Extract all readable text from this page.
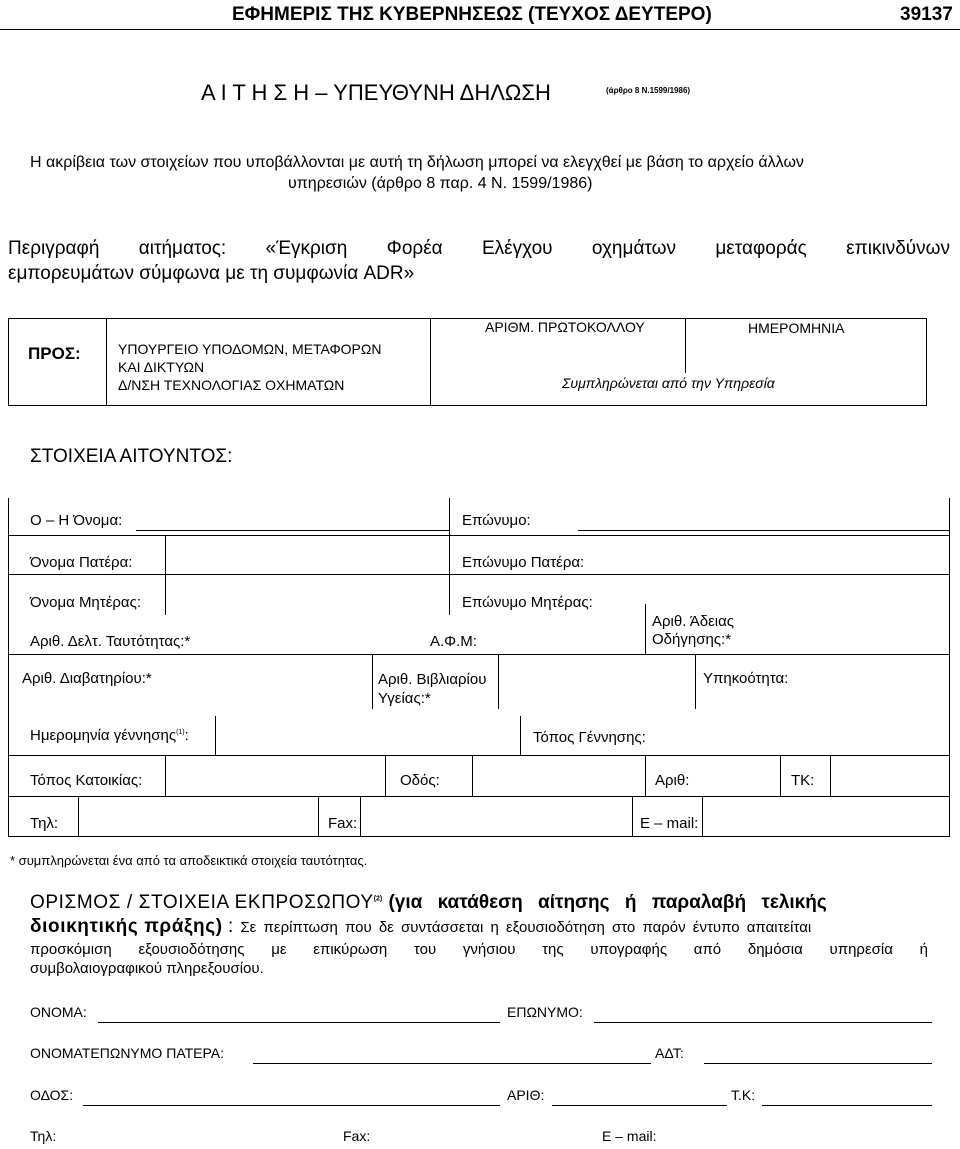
ΕΦΗΜΕΡΙΣ ΤΗΣ ΚΥΒΕΡΝΗΣΕΩΣ (ΤΕΥΧΟΣ ΔΕΥΤΕΡΟ)	39137
Α Ι Τ Η Σ Η – ΥΠΕΥΘΥΝΗ ΔΗΛΩΣΗ	(άρθρο 8 Ν.1599/1986)
Η ακρίβεια των στοιχείων που υποβάλλονται με αυτή τη δήλωση μπορεί να ελεγχθεί με βάση το αρχείο άλλων
υπηρεσιών (άρθρο 8 παρ. 4 Ν. 1599/1986)
Περιγραφή αιτήματος: «Έγκριση Φορέα Ελέγχου οχημάτων μεταφοράς επικινδύνων
εμπορευμάτων σύμφωνα με τη συμφωνία ADR»
ΠΡΟΣ:	ΥΠΟΥΡΓΕΙΟ ΥΠΟΔΟΜΩΝ, ΜΕΤΑΦΟΡΩΝ
ΚΑΙ ΔΙΚΤΥΩΝ
Δ/ΝΣΗ ΤΕΧΝΟΛΟΓΙΑΣ ΟΧΗΜΑΤΩΝ
ΑΡΙΘΜ. ΠΡΩΤΟΚΟΛΛΟΥ	ΗΜΕΡΟΜΗΝΙΑ
Συμπληρώνεται από την Υπηρεσία
ΣΤΟΙΧΕΙΑ ΑΙΤΟΥΝΤΟΣ:
Ο – Η Όνομα:	Επώνυμο:
Όνομα Πατέρα:	Επώνυμο Πατέρα:
Όνομα Μητέρας:	Επώνυμο Μητέρας:
Αριθ. Δελτ. Ταυτότητας:*	Α.Φ.Μ:
Αριθ. Άδειας
Οδήγησης:*
Αριθ. Διαβατηρίου:*	Αριθ. Βιβλιαρίου
Υγείας:*
Υπηκοότητα:
Ημερομηνία γέννησης$^{(1)}$:	Τόπος Γέννησης:
Τόπος Κατοικίας:	Οδός:	Αριθ:	ΤΚ:
Τηλ:	Fax:	Ε – mail:
* συμπληρώνεται ένα από τα αποδεικτικά στοιχεία ταυτότητας.
ΟΡΙΣΜΟΣ / ΣΤΟΙΧΕΙΑ ΕΚΠΡΟΣΩΠΟΥ$^{(2)}$ (για κατάθεση αίτησης ή παραλαβή τελικής
διοικητικής πράξης) : Σε περίπτωση που δε συντάσσεται η εξουσιοδότηση στο παρόν έντυπο απαιτείται
προσκόμιση εξουσιοδότησης με επικύρωση του γνήσιου της υπογραφής από δημόσια υπηρεσία ή
συμβολαιογραφικού πληρεξουσίου.
ΟΝΟΜΑ:	ΕΠΩΝΥΜΟ:
ΟΝΟΜΑΤΕΠΩΝΥΜΟ ΠΑΤΕΡΑ:	ΑΔΤ:
ΟΔΟΣ:	ΑΡΙΘ:	Τ.Κ:
Τηλ:	Fax:	Ε – mail:
